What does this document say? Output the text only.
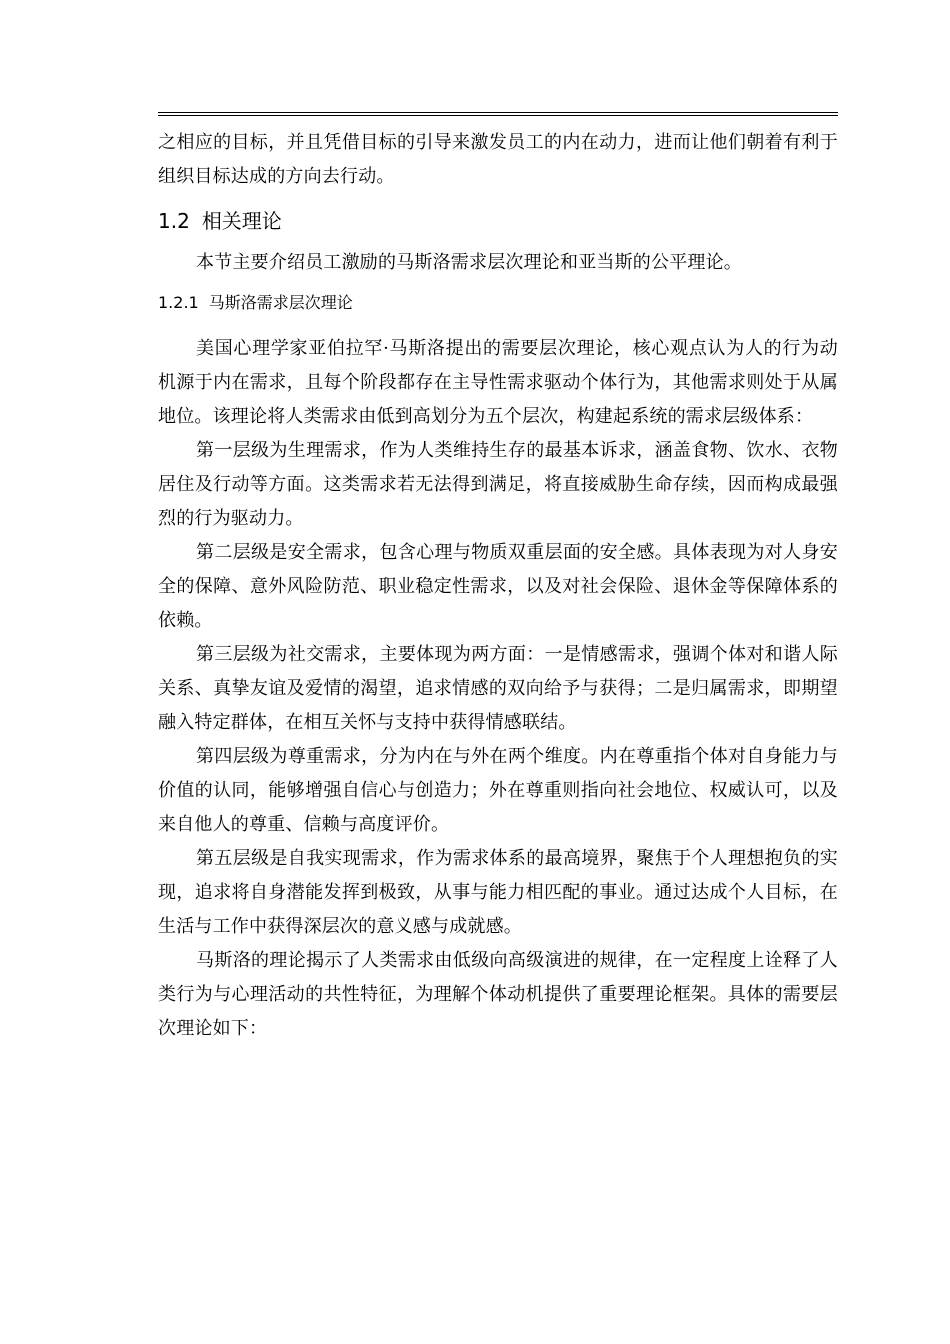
之相应的目标，并且凭借目标的引导来激发员工的内在动力，进而让他们朝着有利于组织目标达成的方向去行动。

1.2 相关理论

本节主要介绍员工激励的马斯洛需求层次理论和亚当斯的公平理论。

1.2.1 马斯洛需求层次理论

美国心理学家亚伯拉罕·马斯洛提出的需要层次理论，核心观点认为人的行为动机源于内在需求，且每个阶段都存在主导性需求驱动个体行为，其他需求则处于从属地位。该理论将人类需求由低到高划分为五个层次，构建起系统的需求层级体系：

第一层级为生理需求，作为人类维持生存的最基本诉求，涵盖食物、饮水、衣物居住及行动等方面。这类需求若无法得到满足，将直接威胁生命存续，因而构成最强烈的行为驱动力。

第二层级是安全需求，包含心理与物质双重层面的安全感。具体表现为对人身安全的保障、意外风险防范、职业稳定性需求，以及对社会保险、退休金等保障体系的依赖。

第三层级为社交需求，主要体现为两方面：一是情感需求，强调个体对和谐人际关系、真挚友谊及爱情的渴望，追求情感的双向给予与获得；二是归属需求，即期望融入特定群体，在相互关怀与支持中获得情感联结。

第四层级为尊重需求，分为内在与外在两个维度。内在尊重指个体对自身能力与价值的认同，能够增强自信心与创造力；外在尊重则指向社会地位、权威认可，以及来自他人的尊重、信赖与高度评价。

第五层级是自我实现需求，作为需求体系的最高境界，聚焦于个人理想抱负的实现，追求将自身潜能发挥到极致，从事与能力相匹配的事业。通过达成个人目标，在生活与工作中获得深层次的意义感与成就感。

马斯洛的理论揭示了人类需求由低级向高级演进的规律，在一定程度上诠释了人类行为与心理活动的共性特征，为理解个体动机提供了重要理论框架。具体的需要层次理论如下：
